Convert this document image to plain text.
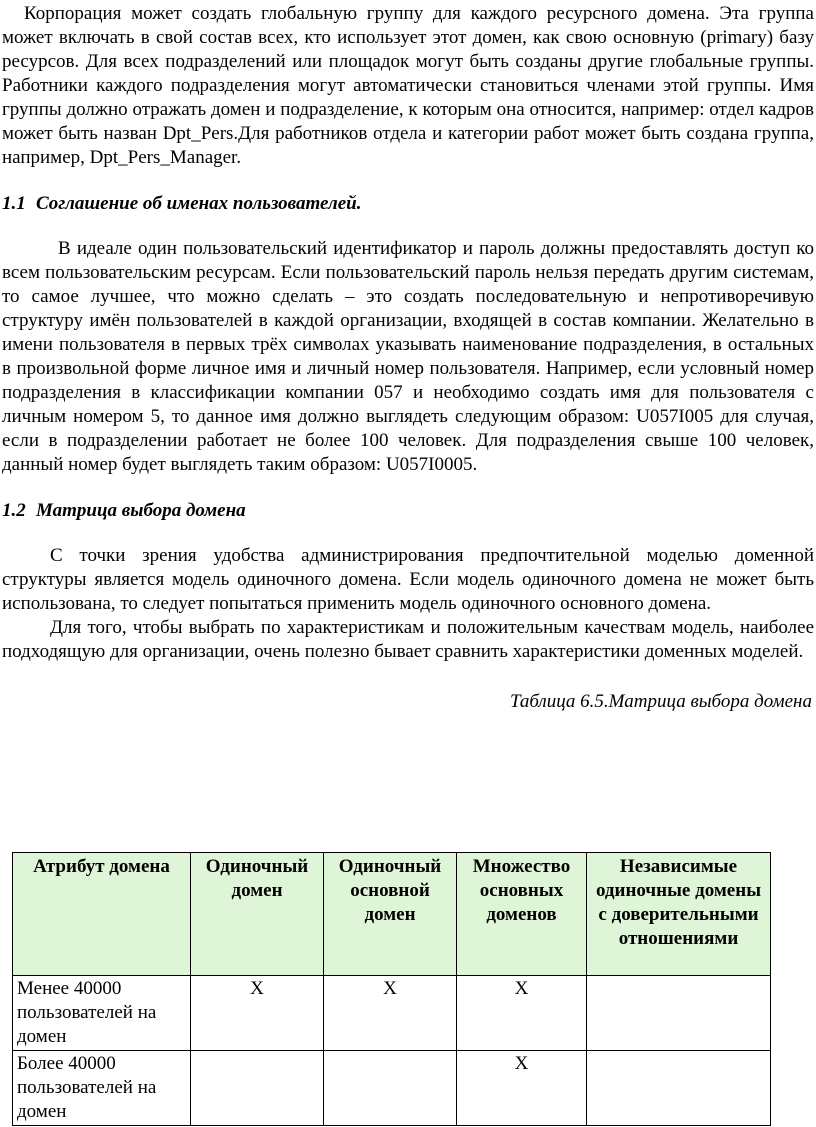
Корпорация может создать глобальную группу для каждого ресурсного домена. Эта группа может включать в свой состав всех, кто использует этот домен, как свою основную (primary) базу ресурсов. Для всех подразделений или площадок могут быть созданы другие глобальные группы. Работники каждого подразделения могут автоматически становиться членами этой группы. Имя группы должно отражать домен и подразделение, к которым она относится, например: отдел кадров может быть назван Dpt_Pers.Для работников отдела и категории работ может быть создана группа, например, Dpt_Pers_Manager.

1.1 Соглашение об именах пользователей.

В идеале один пользовательский идентификатор и пароль должны предоставлять доступ ко всем пользовательским ресурсам. Если пользовательский пароль нельзя передать другим системам, то самое лучшее, что можно сделать – это создать последовательную и непротиворечивую структуру имён пользователей в каждой организации, входящей в состав компании. Желательно в имени пользователя в первых трёх символах указывать наименование подразделения, в остальных в произвольной форме личное имя и личный номер пользователя. Например, если условный номер подразделения в классификации компании 057 и необходимо создать имя для пользователя с личным номером 5, то данное имя должно выглядеть следующим образом: U057I005 для случая, если в подразделении работает не более 100 человек. Для подразделения свыше 100 человек, данный номер будет выглядеть таким образом: U057I0005.

1.2 Матрица выбора домена

С точки зрения удобства администрирования предпочтительной моделью доменной структуры является модель одиночного домена. Если модель одиночного домена не может быть использована, то следует попытаться применить модель одиночного основного домена.

Для того, чтобы выбрать по характеристикам и положительным качествам модель, наиболее подходящую для организации, очень полезно бывает сравнить характеристики доменных моделей.

Таблица 6.5.Матрица выбора домена

Атрибут домена	Одиночный домен	Одиночный основной домен	Множество основных доменов	Независимые одиночные домены с доверительными отношениями
Менее 40000 пользователей на домен	X	X	X	
Более 40000 пользователей на домен			X	
